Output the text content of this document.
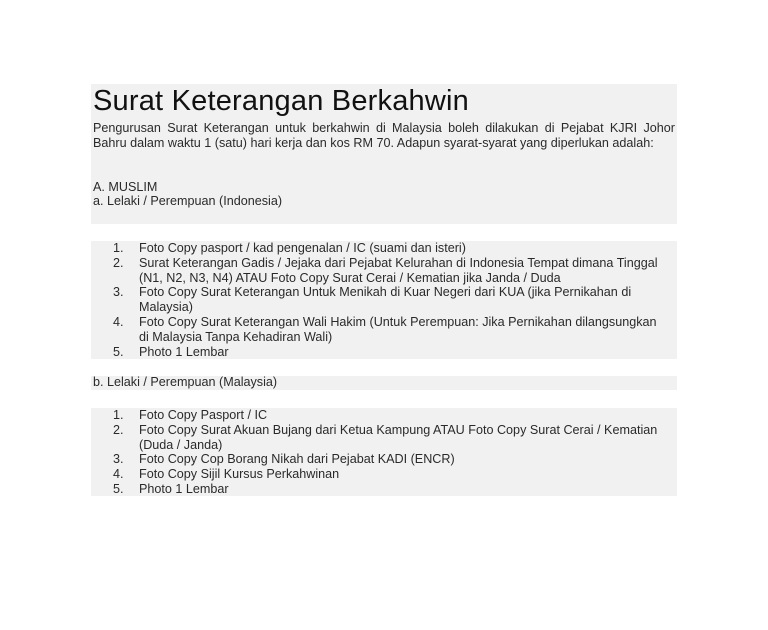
Surat Keterangan Berkahwin
Pengurusan Surat Keterangan untuk berkahwin di Malaysia boleh dilakukan di Pejabat KJRI Johor Bahru dalam waktu 1 (satu) hari kerja dan kos RM 70. Adapun syarat-syarat yang diperlukan adalah:
A. MUSLIM
a. Lelaki / Perempuan (Indonesia)
1.	Foto Copy pasport / kad pengenalan / IC (suami dan isteri)
2.	Surat Keterangan Gadis / Jejaka dari Pejabat Kelurahan di Indonesia Tempat dimana Tinggal (N1, N2, N3, N4) ATAU Foto Copy Surat Cerai / Kematian jika Janda / Duda
3.	Foto Copy Surat Keterangan Untuk Menikah di Kuar Negeri dari KUA (jika Pernikahan di Malaysia)
4.	Foto Copy Surat Keterangan Wali Hakim (Untuk Perempuan: Jika Pernikahan dilangsungkan di Malaysia Tanpa Kehadiran Wali)
5.	Photo 1 Lembar
b. Lelaki / Perempuan (Malaysia)
1.	Foto Copy Pasport / IC
2.	Foto Copy Surat Akuan Bujang dari Ketua Kampung ATAU Foto Copy Surat Cerai / Kematian (Duda / Janda)
3.	Foto Copy Cop Borang Nikah dari Pejabat KADI (ENCR)
4.	Foto Copy Sijil Kursus Perkahwinan
5.	Photo 1 Lembar
